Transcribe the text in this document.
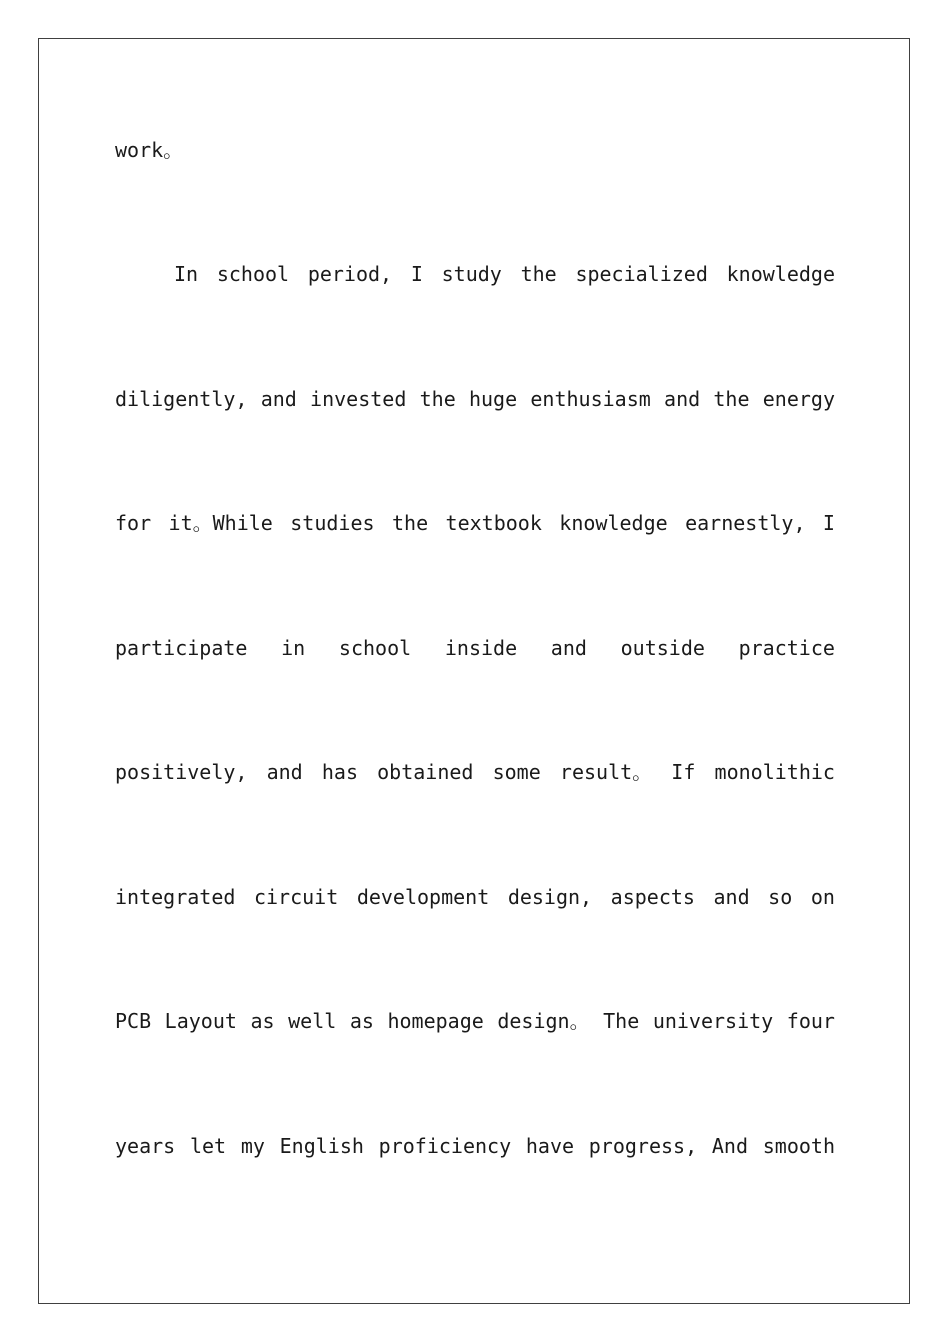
work。
In school period, I study the specialized knowledge
diligently, and invested the huge enthusiasm and the energy
for it。While studies the textbook knowledge earnestly, I
participate in school inside and outside practice
positively, and has obtained some result。 If monolithic
integrated circuit development design, aspects and so on
PCB Layout as well as homepage design。 The university four
years let my English proficiency have progress, And smooth
